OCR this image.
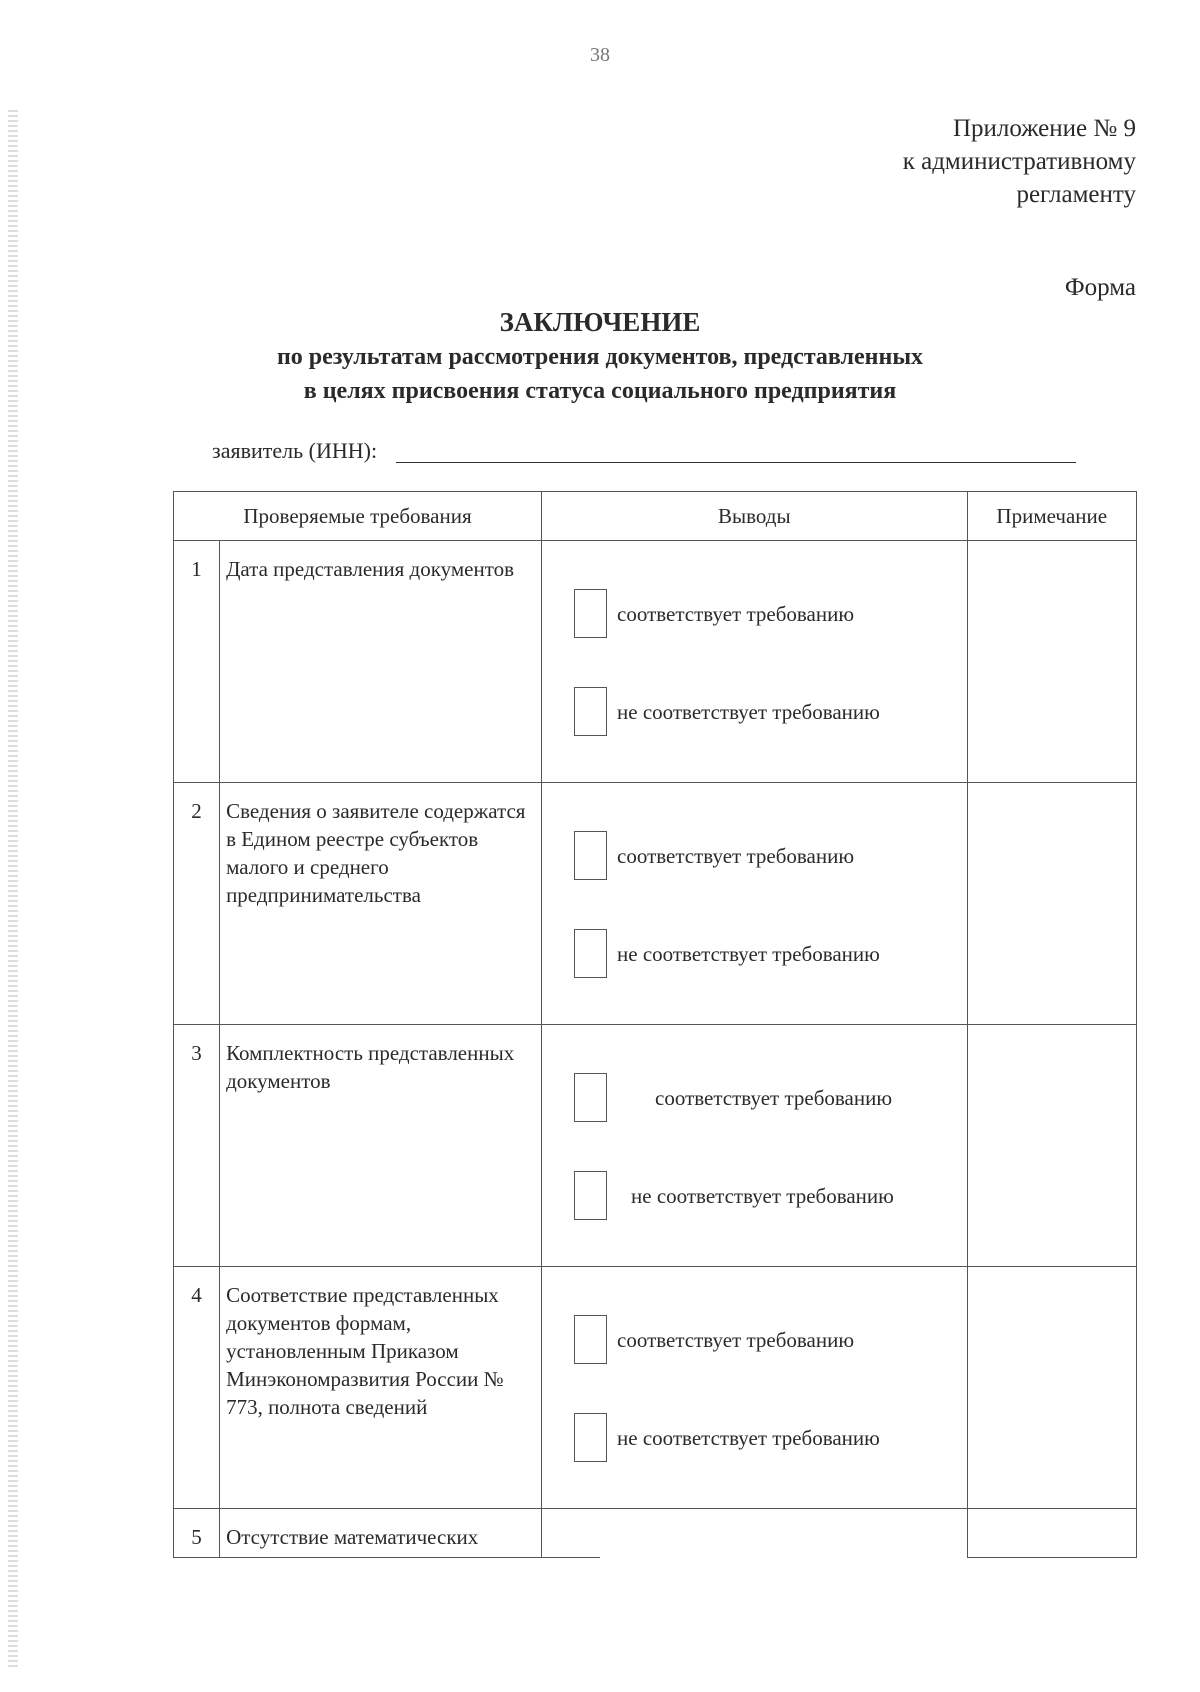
38
Приложение № 9
к административному
регламенту
Форма
ЗАКЛЮЧЕНИЕ
по результатам рассмотрения документов, представленных
в целях присвоения статуса социального предприятия
заявитель (ИНН):
Проверяемые требования		Выводы	Примечание
1	Дата представления документов	соответствует требованию
не соответствует требованию	

2	Сведения о заявителе содержатся в Едином реестре субъектов малого и среднего предпринимательства	соответствует требованию
не соответствует требованию	

3	Комплектность представленных документов	соответствует требованию
не соответствует требованию	

4	Соответствие представленных документов формам, установленным Приказом Минэкономразвития России № 773, полнота сведений	соответствует требованию
не соответствует требованию	

5	Отсутствие математических		
